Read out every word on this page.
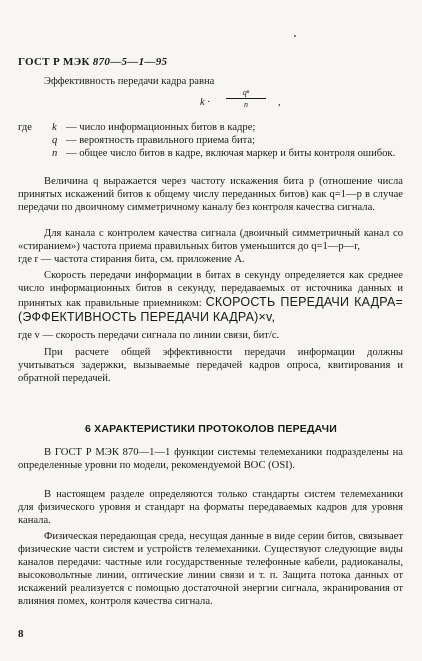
ГОСТ Р МЭК 870—5—1—95
Эффективность передачи кадра равна
k ·
qⁿ
n	,
где	k — число информационных битов в кадре;
q — вероятность правильного приема бита;
n — общее число битов в кадре, включая маркер и биты контроля ошибок.
Величина q выражается через частоту искажения бита p (отношение числа принятых искажений битов к общему числу переданных битов) как q=1—p в случае передачи по двоичному симметричному каналу без контроля качества сигнала.
Для канала с контролем качества сигнала (двоичный симметричный канал со «стиранием») частота приема правильных битов уменьшится до q=1—p—r,
где r — частота стирания бита, см. приложение А.
Скорость передачи информации в битах в секунду определяется как среднее число информационных битов в секунду, передаваемых от источника данных и принятых как правильные приемником: СКОРОСТЬ ПЕРЕДАЧИ КАДРА=(ЭФФЕКТИВНОСТЬ ПЕРЕДАЧИ КАДРА)×v,
где v — скорость передачи сигнала по линии связи, бит/с.
При расчете общей эффективности передачи информации должны учитываться задержки, вызываемые передачей кадров опроса, квитирования и обратной передачей.
6 ХАРАКТЕРИСТИКИ ПРОТОКОЛОВ ПЕРЕДАЧИ
В ГОСТ Р МЭК 870—1—1 функции системы телемеханики подразделены на определенные уровни по модели, рекомендуемой ВОС (OSI).
В настоящем разделе определяются только стандарты систем телемеханики для физического уровня и стандарт на форматы передаваемых кадров для уровня канала.
Физическая передающая среда, несущая данные в виде серии битов, связывает физические части систем и устройств телемеханики. Существуют следующие виды каналов передачи: частные или государственные телефонные кабели, радиоканалы, высоковольтные линии, оптические линии связи и т. п. Защита потока данных от искажений реализуется с помощью достаточной энергии сигнала, экранирования от влияния помех, контроля качества сигнала.
8
